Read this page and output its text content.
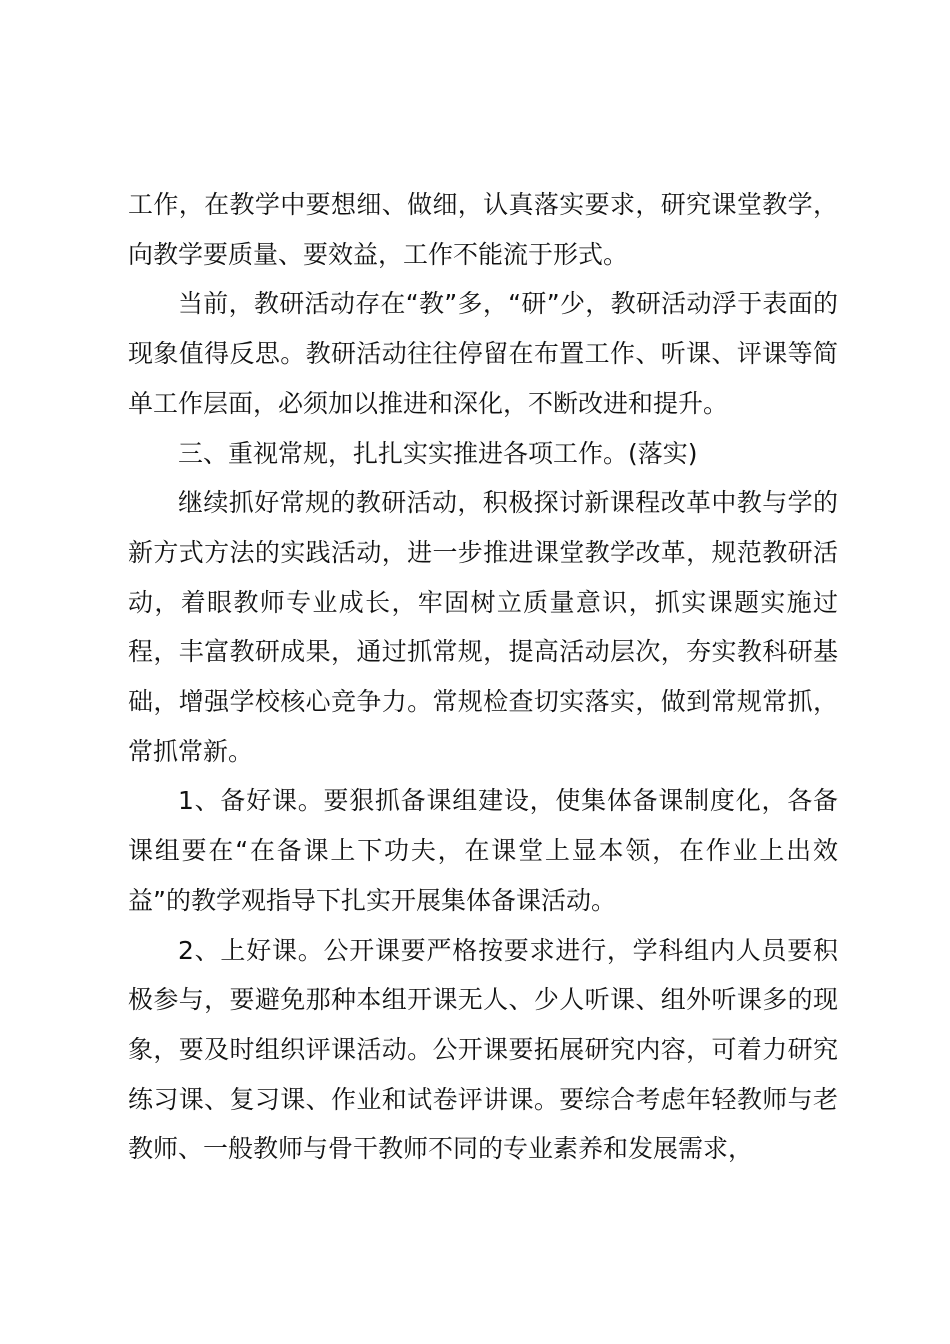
工作，在教学中要想细、做细，认真落实要求，研究课堂教学，向教学要质量、要效益，工作不能流于形式。

当前，教研活动存在“教”多，“研”少，教研活动浮于表面的现象值得反思。教研活动往往停留在布置工作、听课、评课等简单工作层面，必须加以推进和深化，不断改进和提升。

三、重视常规，扎扎实实推进各项工作。(落实)

继续抓好常规的教研活动，积极探讨新课程改革中教与学的新方式方法的实践活动，进一步推进课堂教学改革，规范教研活动，着眼教师专业成长，牢固树立质量意识，抓实课题实施过程，丰富教研成果，通过抓常规，提高活动层次，夯实教科研基础，增强学校核心竞争力。常规检查切实落实，做到常规常抓，常抓常新。

1、备好课。要狠抓备课组建设，使集体备课制度化，各备课组要在“在备课上下功夫，在课堂上显本领，在作业上出效益”的教学观指导下扎实开展集体备课活动。

2、上好课。公开课要严格按要求进行，学科组内人员要积极参与，要避免那种本组开课无人、少人听课、组外听课多的现象，要及时组织评课活动。公开课要拓展研究内容，可着力研究练习课、复习课、作业和试卷评讲课。要综合考虑年轻教师与老教师、一般教师与骨干教师不同的专业素养和发展需求，
